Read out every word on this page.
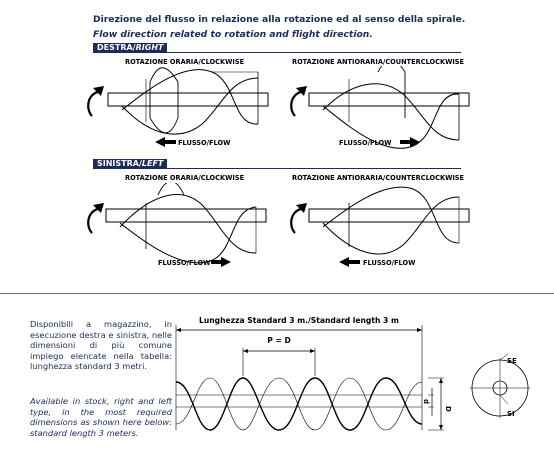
Direzione del flusso in relazione alla rotazione ed al senso della spirale.
Flow direction related to rotation and flight direction.
DESTRA/RIGHT
ROTAZIONE ORARIA/CLOCKWISE	ROTAZIONE ANTIORARIA/COUNTERCLOCKWISE
FLUSSO/FLOW	FLUSSO/FLOW
SINISTRA/LEFT
ROTAZIONE ORARIA/CLOCKWISE	ROTAZIONE ANTIORARIA/COUNTERCLOCKWISE
FLUSSO/FLOW	FLUSSO/FLOW
Disponibili a magazzino, in esecuzione destra e sinistra, nelle dimensioni di più comune impiego elencate nella tabella: lunghezza standard 3 metri.
Available in stock, right and left type, in the most required dimensions as shown here below: standard length 3 meters.
Lunghezza Standard 3 m./Standard length 3 m
P = D
D
d
SE
SI
